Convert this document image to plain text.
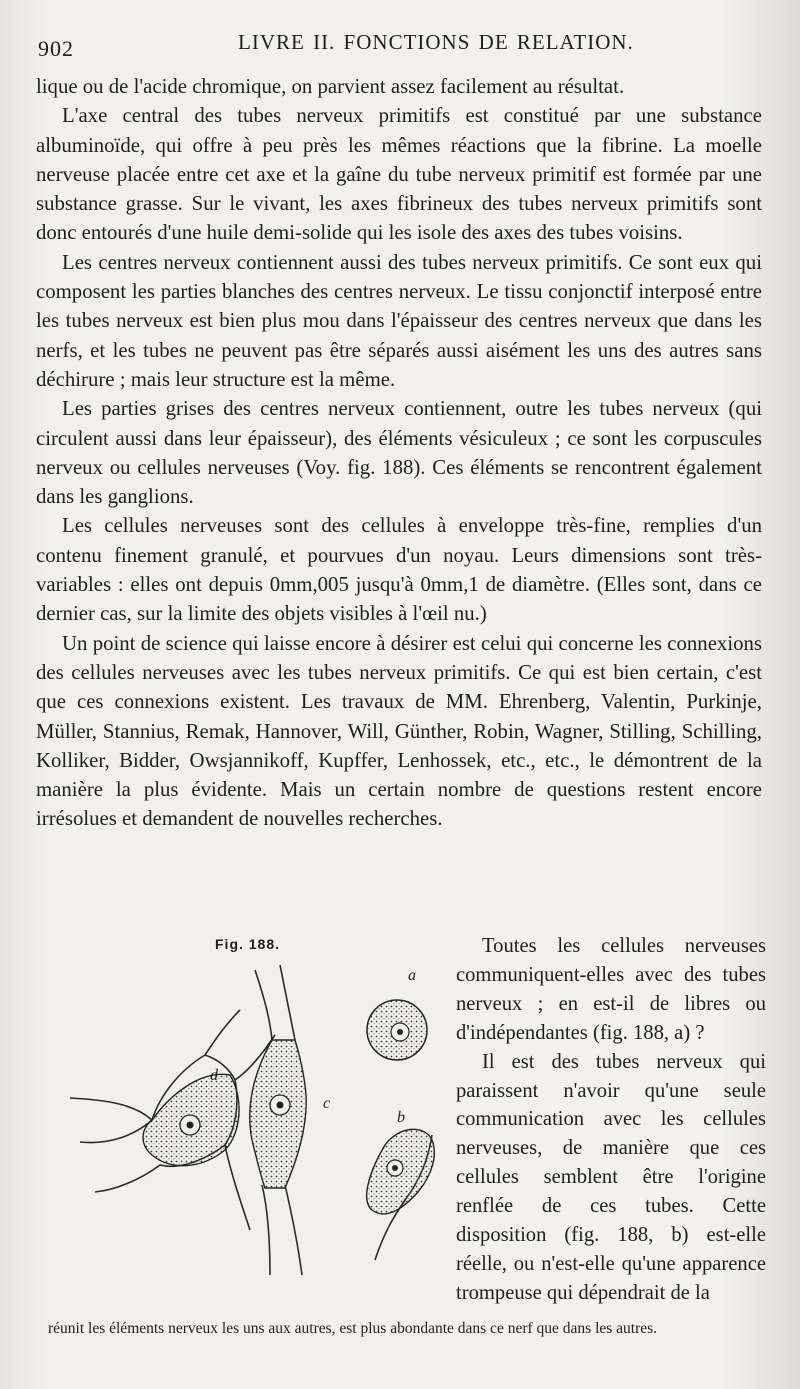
902	LIVRE II. FONCTIONS DE RELATION.

lique ou de l'acide chromique, on parvient assez facilement au résultat.

L'axe central des tubes nerveux primitifs est constitué par une substance albuminoïde, qui offre à peu près les mêmes réactions que la fibrine. La moelle nerveuse placée entre cet axe et la gaîne du tube nerveux primitif est formée par une substance grasse. Sur le vivant, les axes fibrineux des tubes nerveux primitifs sont donc entourés d'une huile demi-solide qui les isole des axes des tubes voisins.

Les centres nerveux contiennent aussi des tubes nerveux primitifs. Ce sont eux qui composent les parties blanches des centres nerveux. Le tissu conjonctif interposé entre les tubes nerveux est bien plus mou dans l'épaisseur des centres nerveux que dans les nerfs, et les tubes ne peuvent pas être séparés aussi aisément les uns des autres sans déchirure ; mais leur structure est la même.

Les parties grises des centres nerveux contiennent, outre les tubes nerveux (qui circulent aussi dans leur épaisseur), des éléments vésiculeux ; ce sont les corpuscules nerveux ou cellules nerveuses (Voy. fig. 188). Ces éléments se rencontrent également dans les ganglions.

Les cellules nerveuses sont des cellules à enveloppe très-fine, remplies d'un contenu finement granulé, et pourvues d'un noyau. Leurs dimensions sont très-variables : elles ont depuis 0mm,005 jusqu'à 0mm,1 de diamètre. (Elles sont, dans ce dernier cas, sur la limite des objets visibles à l'œil nu.)

Un point de science qui laisse encore à désirer est celui qui concerne les connexions des cellules nerveuses avec les tubes nerveux primitifs. Ce qui est bien certain, c'est que ces connexions existent. Les travaux de MM. Ehrenberg, Valentin, Purkinje, Müller, Stannius, Remak, Hannover, Will, Günther, Robin, Wagner, Stilling, Schilling, Kolliker, Bidder, Owsjannikoff, Kupffer, Lenhossek, etc., etc., le démontrent de la manière la plus évidente. Mais un certain nombre de questions restent encore irrésolues et demandent de nouvelles recherches.

Fig. 188.
a
b
c
d

Toutes les cellules nerveuses communiquent-elles avec des tubes nerveux ; en est-il de libres ou d'indépendantes (fig. 188, a) ?

Il est des tubes nerveux qui paraissent n'avoir qu'une seule communication avec les cellules nerveuses, de manière que ces cellules semblent être l'origine renflée de ces tubes. Cette disposition (fig. 188, b) est-elle réelle, ou n'est-elle qu'une apparence trompeuse qui dépendrait de la

réunit les éléments nerveux les uns aux autres, est plus abondante dans ce nerf que dans les autres.
